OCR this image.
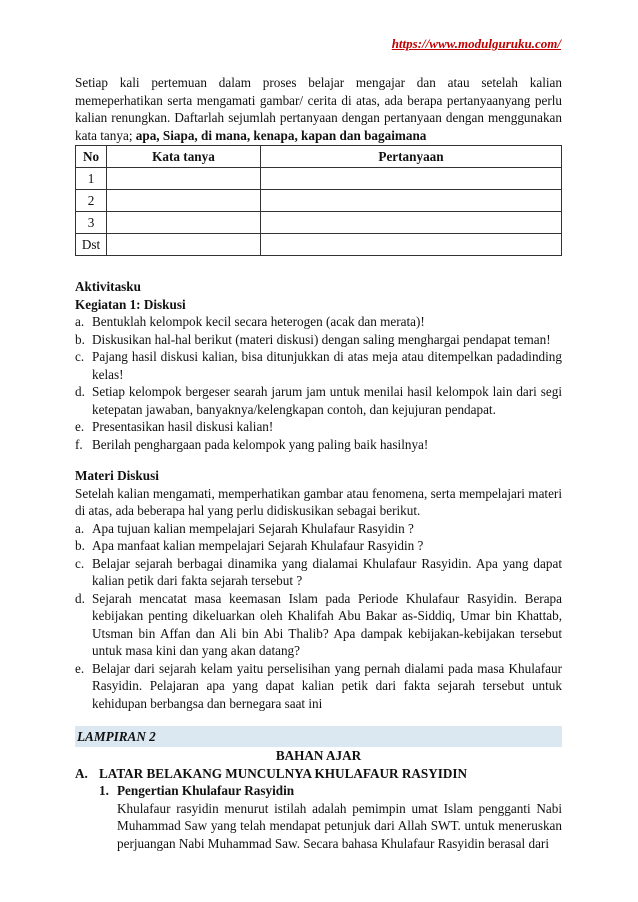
https://www.modulguruku.com/

Setiap kali pertemuan dalam proses belajar mengajar dan atau setelah kalian memeperhatikan serta mengamati gambar/ cerita di atas, ada berapa pertanyaanyang perlu kalian renungkan. Daftarlah sejumlah pertanyaan dengan pertanyaan dengan menggunakan kata tanya; apa, Siapa, di mana, kenapa, kapan dan bagaimana

No	Kata tanya	Pertanyaan
1		
2		
3		
Dst		

Aktivitasku

Kegiatan 1: Diskusi

a. Bentuklah kelompok kecil secara heterogen (acak dan merata)!
b. Diskusikan hal-hal berikut (materi diskusi) dengan saling menghargai pendapat teman!
c. Pajang hasil diskusi kalian, bisa ditunjukkan di atas meja atau ditempelkan padadinding kelas!
d. Setiap kelompok bergeser searah jarum jam untuk menilai hasil kelompok lain dari segi ketepatan jawaban, banyaknya/kelengkapan contoh, dan kejujuran pendapat.
e. Presentasikan hasil diskusi kalian!
f. Berilah penghargaan pada kelompok yang paling baik hasilnya!

Materi Diskusi

Setelah kalian mengamati, memperhatikan gambar atau fenomena, serta mempelajari materi di atas, ada beberapa hal yang perlu didiskusikan sebagai berikut.

a. Apa tujuan kalian mempelajari Sejarah Khulafaur Rasyidin ?
b. Apa manfaat kalian mempelajari Sejarah Khulafaur Rasyidin ?
c. Belajar sejarah berbagai dinamika yang dialamai Khulafaur Rasyidin. Apa yang dapat kalian petik dari fakta sejarah tersebut ?
d. Sejarah mencatat masa keemasan Islam pada Periode Khulafaur Rasyidin. Berapa kebijakan penting dikeluarkan oleh Khalifah Abu Bakar as-Siddiq, Umar bin Khattab, Utsman bin Affan dan Ali bin Abi Thalib? Apa dampak kebijakan-kebijakan tersebut untuk masa kini dan yang akan datang?
e. Belajar dari sejarah kelam yaitu perselisihan yang pernah dialami pada masa Khulafaur Rasyidin. Pelajaran apa yang dapat kalian petik dari fakta sejarah tersebut untuk kehidupan berbangsa dan bernegara saat ini
LAMPIRAN 2

BAHAN AJAR

A. LATAR BELAKANG MUNCULNYA KHULAFAUR RASYIDIN

1. Pengertian Khulafaur Rasyidin

Khulafaur rasyidin menurut istilah adalah pemimpin umat Islam pengganti Nabi Muhammad Saw yang telah mendapat petunjuk dari Allah SWT. untuk meneruskan perjuangan Nabi Muhammad Saw. Secara bahasa Khulafaur Rasyidin berasal dari
